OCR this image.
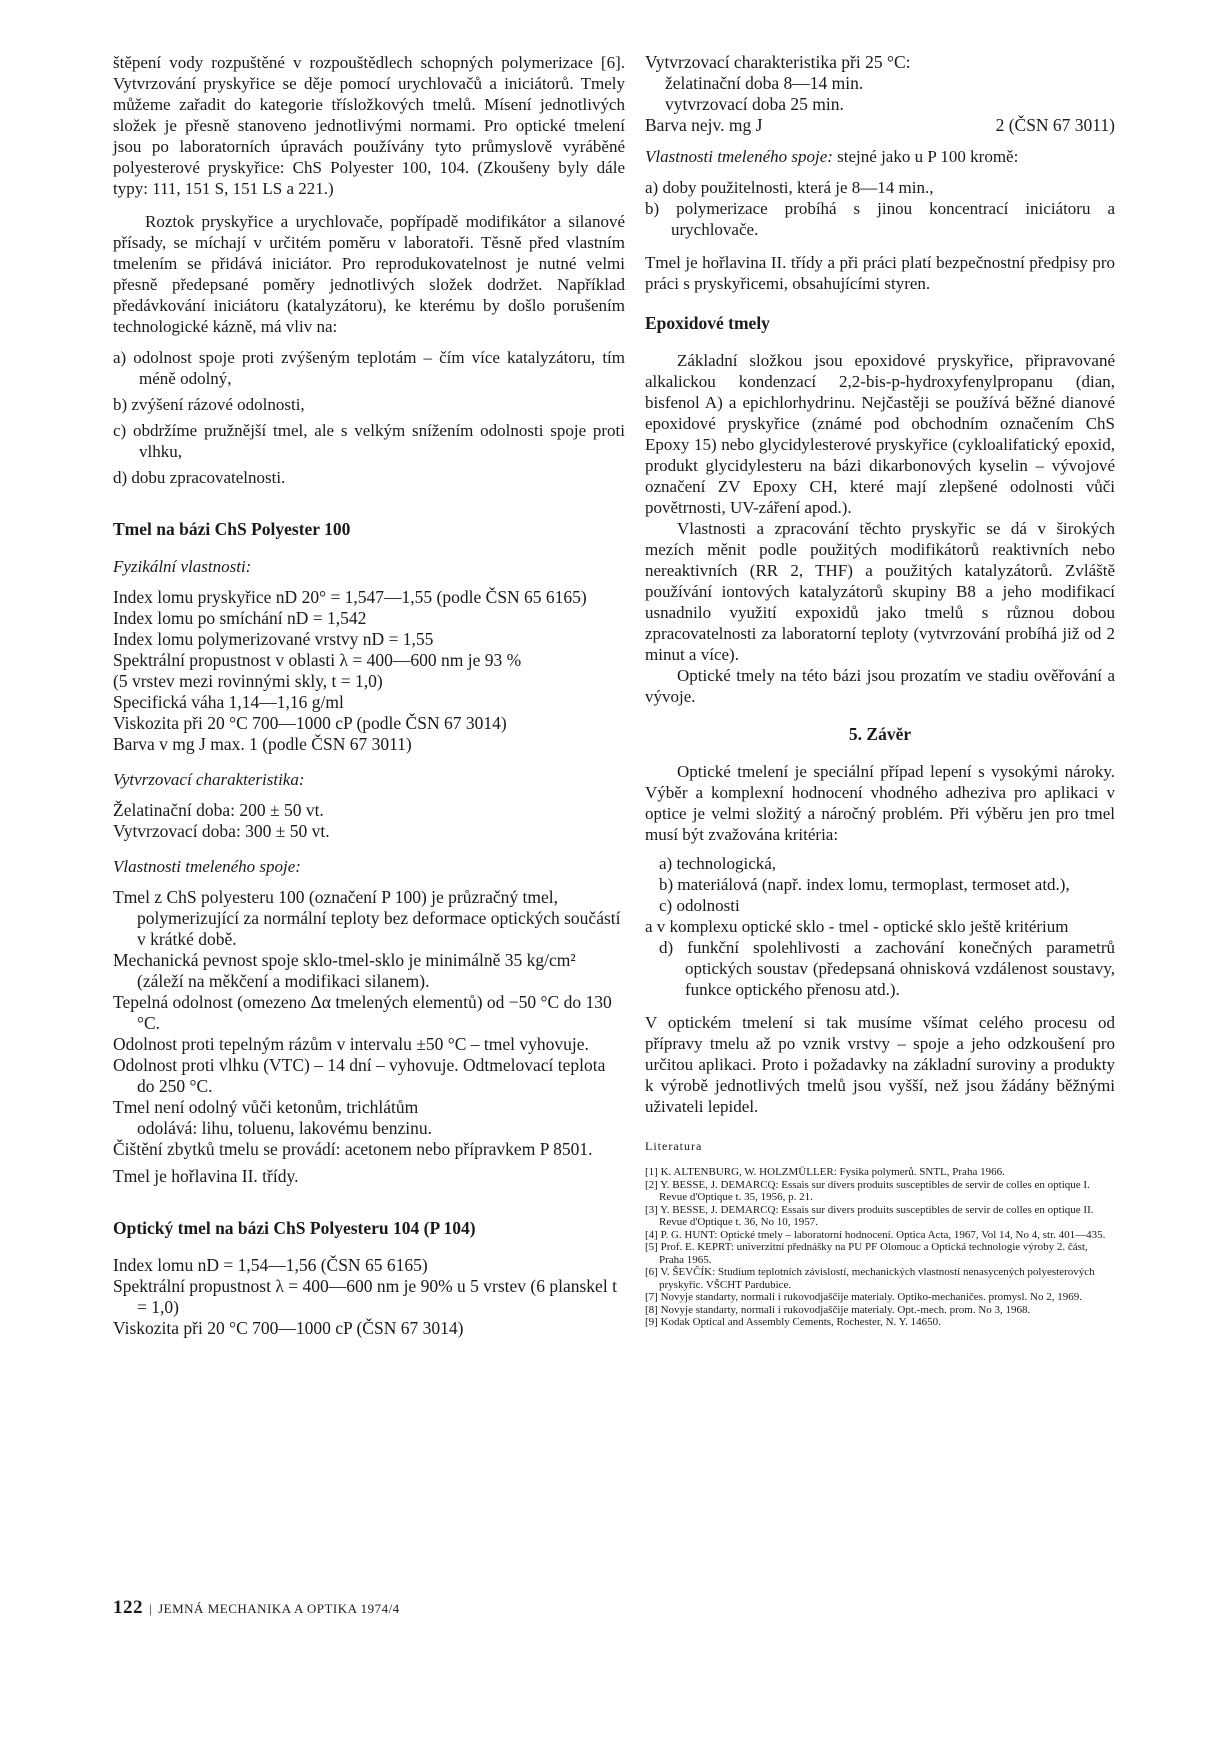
štěpení vody rozpuštěné v rozpouštědlech schopných polymerizace [6]. Vytvrzování pryskyřice se děje pomocí urychlovačů a iniciátorů. Tmely můžeme zařadit do kategorie třísložkových tmelů. Mísení jednotlivých složek je přesně stanoveno jednotlivými normami. Pro optické tmelení jsou po laboratorních úpravách používány tyto průmyslově vyráběné polyesterové pryskyřice: ChS Polyester 100, 104. (Zkoušeny byly dále typy: 111, 151 S, 151 LS a 221.)

Roztok pryskyřice a urychlovače, popřípadě modifikátor a silanové přísady, se míchají v určitém poměru v laboratoři. Těsně před vlastním tmelením se přidává iniciátor. Pro reprodukovatelnost je nutné velmi přesně předepsané poměry jednotlivých složek dodržet. Například předávkování iniciátoru (katalyzátoru), ke kterému by došlo porušením technologické kázně, má vliv na:

a) odolnost spoje proti zvýšeným teplotám – čím více katalyzátoru, tím méně odolný,
b) zvýšení rázové odolnosti,
c) obdržíme pružnější tmel, ale s velkým snížením odolnosti spoje proti vlhku,
d) dobu zpracovatelnosti.
Tmel na bázi ChS Polyester 100
Fyzikální vlastnosti:
Index lomu pryskyřice nD 20° = 1,547—1,55 (podle ČSN 65 6165)
Index lomu po smíchání nD = 1,542
Index lomu polymerizované vrstvy nD = 1,55
Spektrální propustnost v oblasti λ = 400—600 nm je 93 %
(5 vrstev mezi rovinnými skly, t = 1,0)
Specifická váha 1,14—1,16 g/ml
Viskozita při 20 °C 700—1000 cP (podle ČSN 67 3014)
Barva v mg J max. 1 (podle ČSN 67 3011)
Vytvrzovací charakteristika:
Želatinační doba: 200 ± 50 vt.
Vytvrzovací doba: 300 ± 50 vt.
Vlastnosti tmeleného spoje:
Tmel z ChS polyesteru 100 (označení P 100) je průzračný tmel, polymerizující za normální teploty bez deformace optických součástí v krátké době.
Mechanická pevnost spoje sklo-tmel-sklo je minimálně 35 kg/cm² (záleží na měkčení a modifikaci silanem).
Tepelná odolnost (omezeno Δα tmelených elementů) od −50 °C do 130 °C.
Odolnost proti tepelným rázům v intervalu ±50 °C – tmel vyhovuje.
Odolnost proti vlhku (VTC) – 14 dní – vyhovuje. Odtmelovací teplota do 250 °C.
Tmel není odolný vůči ketonům, trichlátům
odolává: lihu, toluenu, lakovému benzinu.
Čištění zbytků tmelu se provádí: acetonem nebo přípravkem P 8501.
Tmel je hořlavina II. třídy.
Optický tmel na bázi ChS Polyesteru 104 (P 104)
Index lomu nD = 1,54—1,56 (ČSN 65 6165)
Spektrální propustnost λ = 400—600 nm je 90% u 5 vrstev (6 planskel t = 1,0)
Viskozita při 20 °C 700—1000 cP (ČSN 67 3014)
Vytvrzovací charakteristika při 25 °C:
želatinační doba 8—14 min.
vytvrzovací doba 25 min.
Barva nejv. mg J	2 (ČSN 67 3011)

Vlastnosti tmeleného spoje: stejné jako u P 100 kromě:

a) doby použitelnosti, která je 8—14 min.,
b) polymerizace probíhá s jinou koncentrací iniciátoru a urychlovače.

Tmel je hořlavina II. třídy a při práci platí bezpečnostní předpisy pro práci s pryskyřicemi, obsahujícími styren.

Epoxidové tmely

Základní složkou jsou epoxidové pryskyřice, připravované alkalickou kondenzací 2,2-bis-p-hydroxyfenylpropanu (dian, bisfenol A) a epichlorhydrinu. Nejčastěji se používá běžné dianové epoxidové pryskyřice (známé pod obchodním označením ChS Epoxy 15) nebo glycidylesterové pryskyřice (cykloalifatický epoxid, produkt glycidylesteru na bázi dikarbonových kyselin – vývojové označení ZV Epoxy CH, které mají zlepšené odolnosti vůči povětrnosti, UV-záření apod.).

Vlastnosti a zpracování těchto pryskyřic se dá v širokých mezích měnit podle použitých modifikátorů reaktivních nebo nereaktivních (RR 2, THF) a použitých katalyzátorů. Zvláště používání iontových katalyzátorů skupiny B8 a jeho modifikací usnadnilo využití expoxidů jako tmelů s různou dobou zpracovatelnosti za laboratorní teploty (vytvrzování probíhá již od 2 minut a více).

Optické tmely na této bázi jsou prozatím ve stadiu ověřování a vývoje.

5. Závěr

Optické tmelení je speciální případ lepení s vysokými nároky. Výběr a komplexní hodnocení vhodného adheziva pro aplikaci v optice je velmi složitý a náročný problém. Při výběru jen pro tmel musí být zvažována kritéria:

a) technologická,
b) materiálová (např. index lomu, termoplast, termoset atd.),
c) odolnosti

a v komplexu optické sklo - tmel - optické sklo ještě kritérium

d) funkční spolehlivosti a zachování konečných parametrů optických soustav (předepsaná ohnisková vzdálenost soustavy, funkce optického přenosu atd.).

V optickém tmelení si tak musíme všímat celého procesu od přípravy tmelu až po vznik vrstvy – spoje a jeho odzkoušení pro určitou aplikaci. Proto i požadavky na základní suroviny a produkty k výrobě jednotlivých tmelů jsou vyšší, než jsou žádány běžnými uživateli lepidel.

Literatura
[1] K. ALTENBURG, W. HOLZMÜLLER: Fysika polymerů. SNTL, Praha 1966.
[2] Y. BESSE, J. DEMARCQ: Essais sur divers produits susceptibles de servir de colles en optique I. Revue d'Optique t. 35, 1956, p. 21.
[3] Y. BESSE, J. DEMARCQ: Essais sur divers produits susceptibles de servir de colles en optique II. Revue d'Optique t. 36, No 10, 1957.
[4] P. G. HUNT: Optické tmely – laboratorní hodnocení. Optica Acta, 1967, Vol 14, No 4, str. 401—435.
[5] Prof. E. KEPRT: univerzitní přednášky na PU PF Olomouc a Optická technologie výroby 2. část, Praha 1965.
[6] V. ŠEVČÍK: Studium teplotních závislostí, mechanických vlastností nenasycených polyesterových pryskyřic. VŠCHT Pardubice.
[7] Novyje standarty, normali i rukovodjaščije materialy. Optiko-mechaničes. promysl. No 2, 1969.
[8] Novyje standarty, normali i rukovodjaščije materialy. Opt.-mech. prom. No 3, 1968.
[9] Kodak Optical and Assembly Cements, Rochester, N. Y. 14650.
122 | JEMNÁ MECHANIKA A OPTIKA 1974/4
